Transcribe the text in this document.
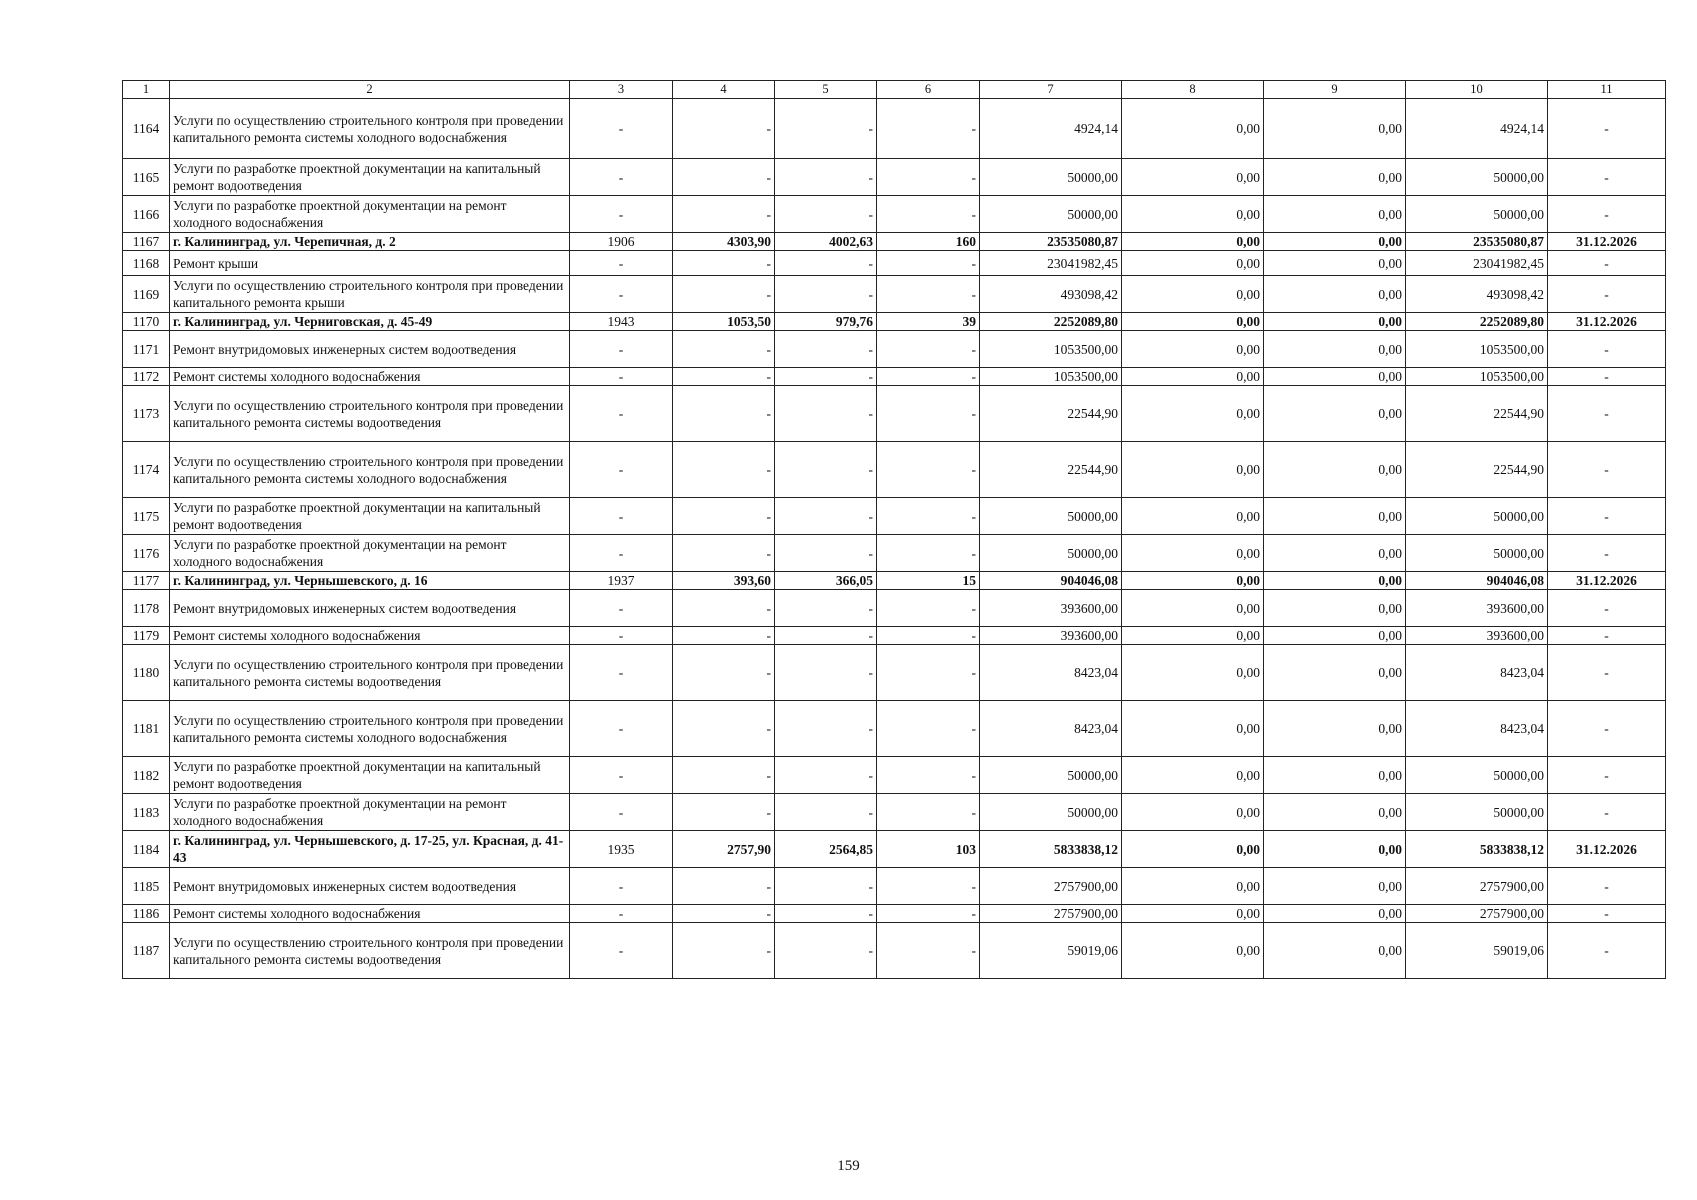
1	2	3	4	5	6	7	8	9	10	11
1164	Услуги по осуществлению строительного контроля при проведении капитального ремонта системы холодного водоснабжения	-	-	-	-	4924,14	0,00	0,00	4924,14	-
1165	Услуги по разработке проектной документации на капитальный ремонт водоотведения	-	-	-	-	50000,00	0,00	0,00	50000,00	-
1166	Услуги по разработке проектной документации на ремонт холодного водоснабжения	-	-	-	-	50000,00	0,00	0,00	50000,00	-
1167	г. Калининград, ул. Черепичная, д. 2	1906	4303,90	4002,63	160	23535080,87	0,00	0,00	23535080,87	31.12.2026
1168	Ремонт крыши	-	-	-	-	23041982,45	0,00	0,00	23041982,45	-
1169	Услуги по осуществлению строительного контроля при проведении капитального ремонта крыши	-	-	-	-	493098,42	0,00	0,00	493098,42	-
1170	г. Калининград, ул. Черниговская, д. 45-49	1943	1053,50	979,76	39	2252089,80	0,00	0,00	2252089,80	31.12.2026
1171	Ремонт внутридомовых инженерных систем водоотведения	-	-	-	-	1053500,00	0,00	0,00	1053500,00	-
1172	Ремонт системы холодного водоснабжения	-	-	-	-	1053500,00	0,00	0,00	1053500,00	-
1173	Услуги по осуществлению строительного контроля при проведении капитального ремонта системы водоотведения	-	-	-	-	22544,90	0,00	0,00	22544,90	-
1174	Услуги по осуществлению строительного контроля при проведении капитального ремонта системы холодного водоснабжения	-	-	-	-	22544,90	0,00	0,00	22544,90	-
1175	Услуги по разработке проектной документации на капитальный ремонт водоотведения	-	-	-	-	50000,00	0,00	0,00	50000,00	-
1176	Услуги по разработке проектной документации на ремонт холодного водоснабжения	-	-	-	-	50000,00	0,00	0,00	50000,00	-
1177	г. Калининград, ул. Чернышевского, д. 16	1937	393,60	366,05	15	904046,08	0,00	0,00	904046,08	31.12.2026
1178	Ремонт внутридомовых инженерных систем водоотведения	-	-	-	-	393600,00	0,00	0,00	393600,00	-
1179	Ремонт системы холодного водоснабжения	-	-	-	-	393600,00	0,00	0,00	393600,00	-
1180	Услуги по осуществлению строительного контроля при проведении капитального ремонта системы водоотведения	-	-	-	-	8423,04	0,00	0,00	8423,04	-
1181	Услуги по осуществлению строительного контроля при проведении капитального ремонта системы холодного водоснабжения	-	-	-	-	8423,04	0,00	0,00	8423,04	-
1182	Услуги по разработке проектной документации на капитальный ремонт водоотведения	-	-	-	-	50000,00	0,00	0,00	50000,00	-
1183	Услуги по разработке проектной документации на ремонт холодного водоснабжения	-	-	-	-	50000,00	0,00	0,00	50000,00	-
1184	г. Калининград, ул. Чернышевского, д. 17-25, ул. Красная, д. 41-43	1935	2757,90	2564,85	103	5833838,12	0,00	0,00	5833838,12	31.12.2026
1185	Ремонт внутридомовых инженерных систем водоотведения	-	-	-	-	2757900,00	0,00	0,00	2757900,00	-
1186	Ремонт системы холодного водоснабжения	-	-	-	-	2757900,00	0,00	0,00	2757900,00	-
1187	Услуги по осуществлению строительного контроля при проведении капитального ремонта системы водоотведения	-	-	-	-	59019,06	0,00	0,00	59019,06	-
159
